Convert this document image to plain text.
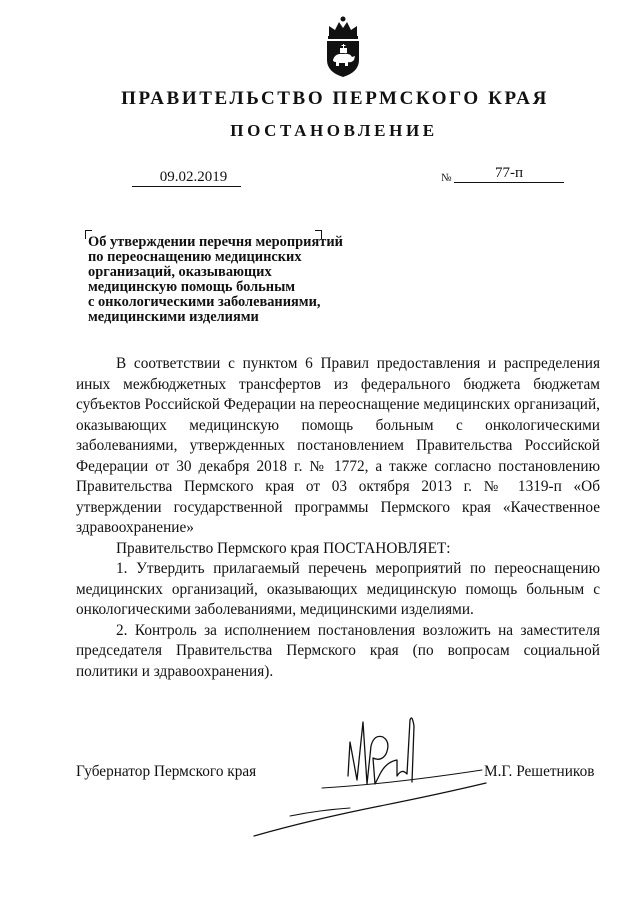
ПРАВИТЕЛЬСТВО ПЕРМСКОГО КРАЯ
ПОСТАНОВЛЕНИЕ
09.02.2019	№	77-п
Об утверждении перечня мероприятий
по переоснащению медицинских
организаций, оказывающих
медицинскую помощь больным
с онкологическими заболеваниями,
медицинскими изделиями

В соответствии с пунктом 6 Правил предоставления и распределения иных межбюджетных трансфертов из федерального бюджета бюджетам субъектов Российской Федерации на переоснащение медицинских организаций, оказывающих медицинскую помощь больным с онкологическими заболеваниями, утвержденных постановлением Правительства Российской Федерации от 30 декабря 2018 г. № 1772, а также согласно постановлению Правительства Пермского края от 03 октября 2013 г. № 1319-п «Об утверждении государственной программы Пермского края «Качественное здравоохранение»

Правительство Пермского края ПОСТАНОВЛЯЕТ:

1. Утвердить прилагаемый перечень мероприятий по переоснащению медицинских организаций, оказывающих медицинскую помощь больным с онкологическими заболеваниями, медицинскими изделиями.

2. Контроль за исполнением постановления возложить на заместителя председателя Правительства Пермского края (по вопросам социальной политики и здравоохранения).

Губернатор Пермского края	М.Г. Решетников
